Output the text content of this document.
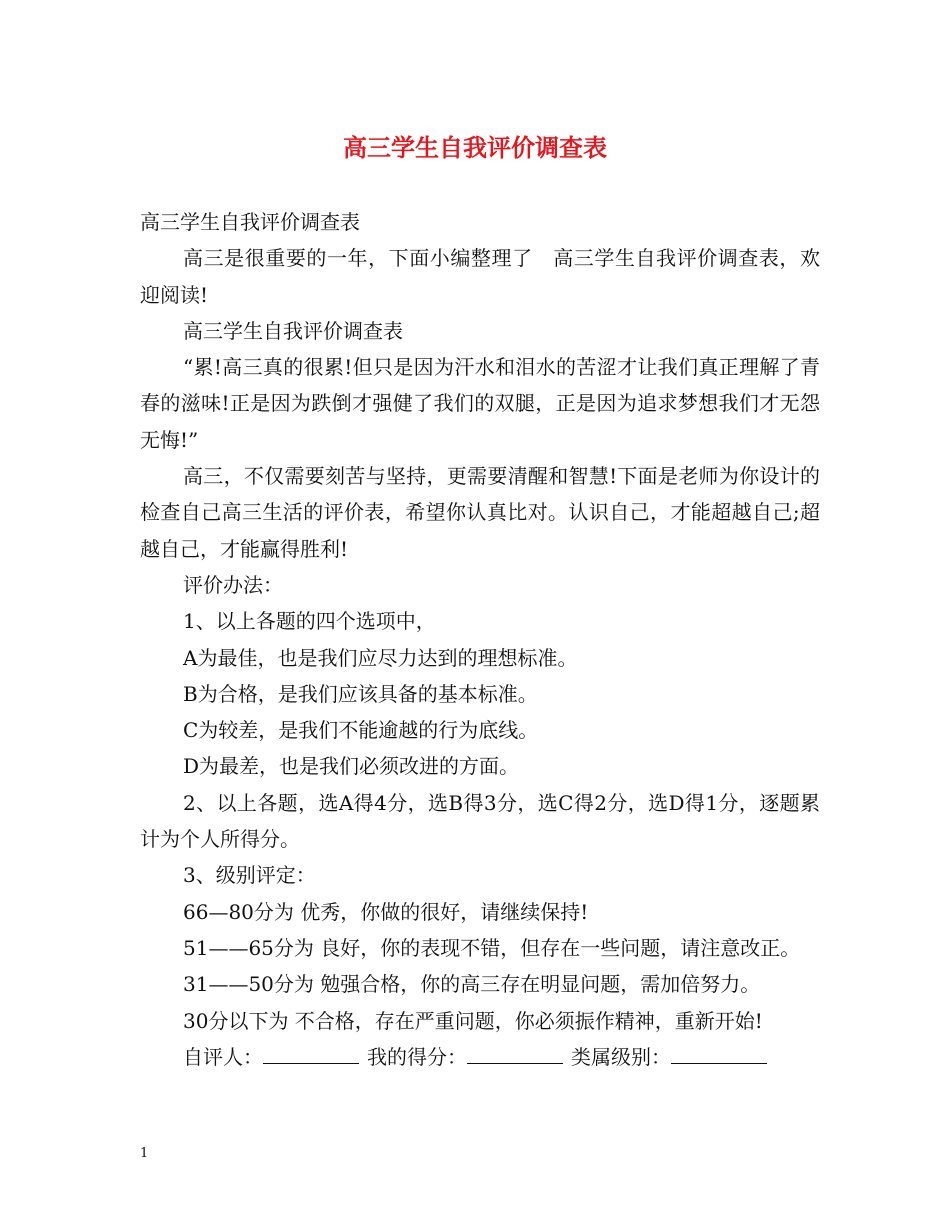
高三学生自我评价调查表

高三学生自我评价调查表

高三是很重要的一年，下面小编整理了　高三学生自我评价调查表，欢迎阅读!

高三学生自我评价调查表

“累!高三真的很累!但只是因为汗水和泪水的苦涩才让我们真正理解了青春的滋味!正是因为跌倒才强健了我们的双腿，正是因为追求梦想我们才无怨无悔!”

高三，不仅需要刻苦与坚持，更需要清醒和智慧!下面是老师为你设计的检查自己高三生活的评价表，希望你认真比对。认识自己，才能超越自己;超越自己，才能赢得胜利!

评价办法：

1、以上各题的四个选项中，

A为最佳，也是我们应尽力达到的理想标准。

B为合格，是我们应该具备的基本标准。

C为较差，是我们不能逾越的行为底线。

D为最差，也是我们必须改进的方面。

2、以上各题，选A得4分，选B得3分，选C得2分，选D得1分，逐题累计为个人所得分。

3、级别评定：

66—80分为 优秀，你做的很好，请继续保持!

51——65分为 良好，你的表现不错，但存在一些问题，请注意改正。

31——50分为 勉强合格，你的高三存在明显问题，需加倍努力。

30分以下为 不合格，存在严重问题，你必须振作精神，重新开始!

自评人：	我的得分：	类属级别：

1
